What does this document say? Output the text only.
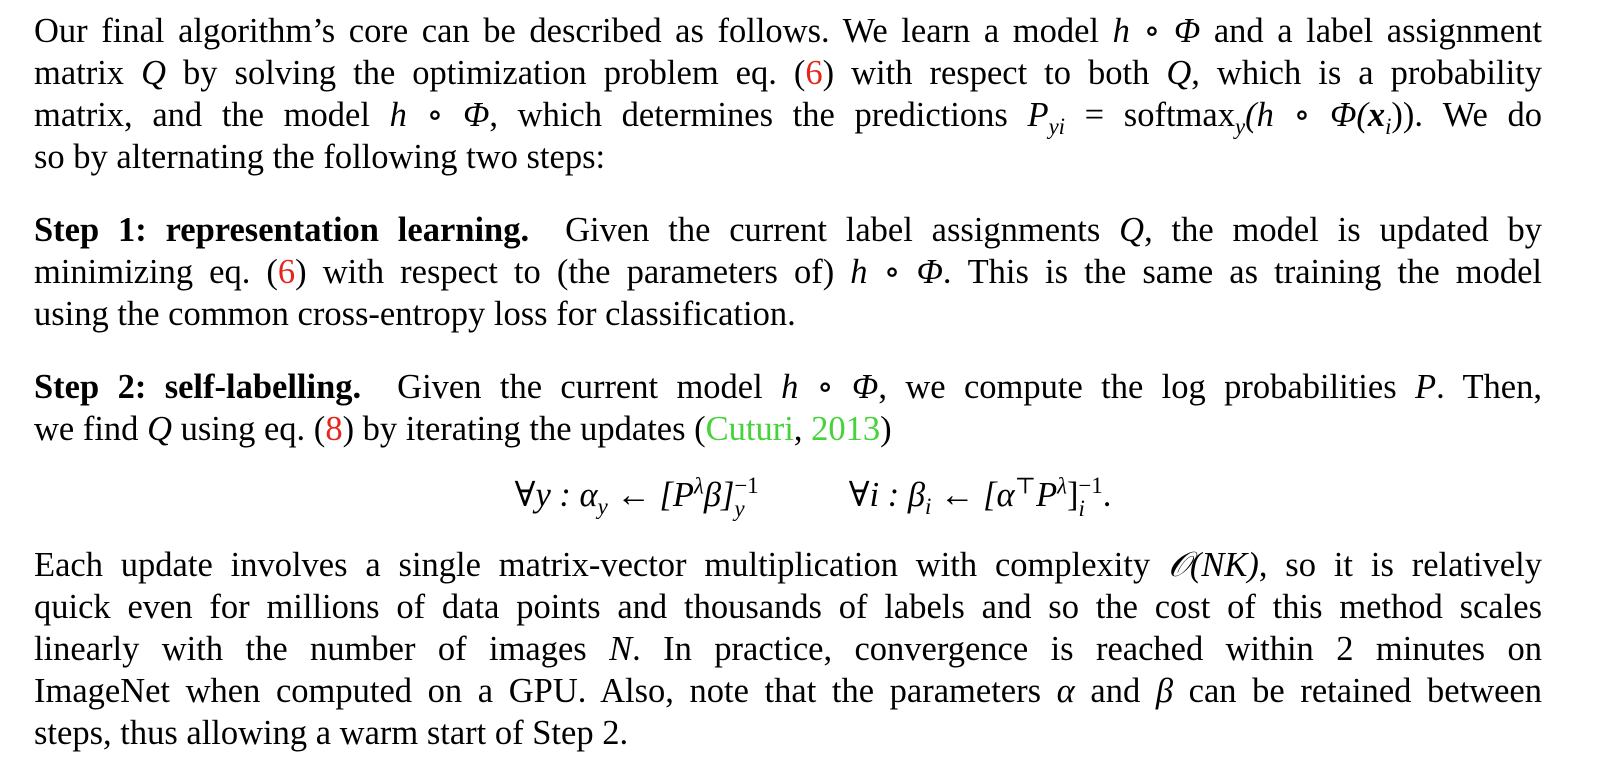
Our final algorithm’s core can be described as follows. We learn a model h ∘ Φ and a label assignment
matrix Q by solving the optimization problem eq. (6) with respect to both Q, which is a probability
matrix, and the model h ∘ Φ, which determines the predictions $P_{yi}$ = softmax$_y$(h ∘ $\Phi(x_i)$). We do
so by alternating the following two steps:
Step 1: representation learning. Given the current label assignments Q, the model is updated by
minimizing eq. (6) with respect to (the parameters of) h ∘ Φ. This is the same as training the model
using the common cross-entropy loss for classification.
Step 2: self-labelling. Given the current model h ∘ Φ, we compute the log probabilities P. Then,
we find Q using eq. (8) by iterating the updates (Cuturi, 2013)
∀y : $\alpha_y$ ← $[P^\lambda\beta] -1$
y	∀i : $\beta_i$ ← $[\alpha^⊤P^\lambda] -1$
i .
Each update involves a single matrix-vector multiplication with complexity 𝒪(NK), so it is relatively
quick even for millions of data points and thousands of labels and so the cost of this method scales
linearly with the number of images N. In practice, convergence is reached within 2 minutes on
ImageNet when computed on a GPU. Also, note that the parameters α and β can be retained between
steps, thus allowing a warm start of Step 2.
